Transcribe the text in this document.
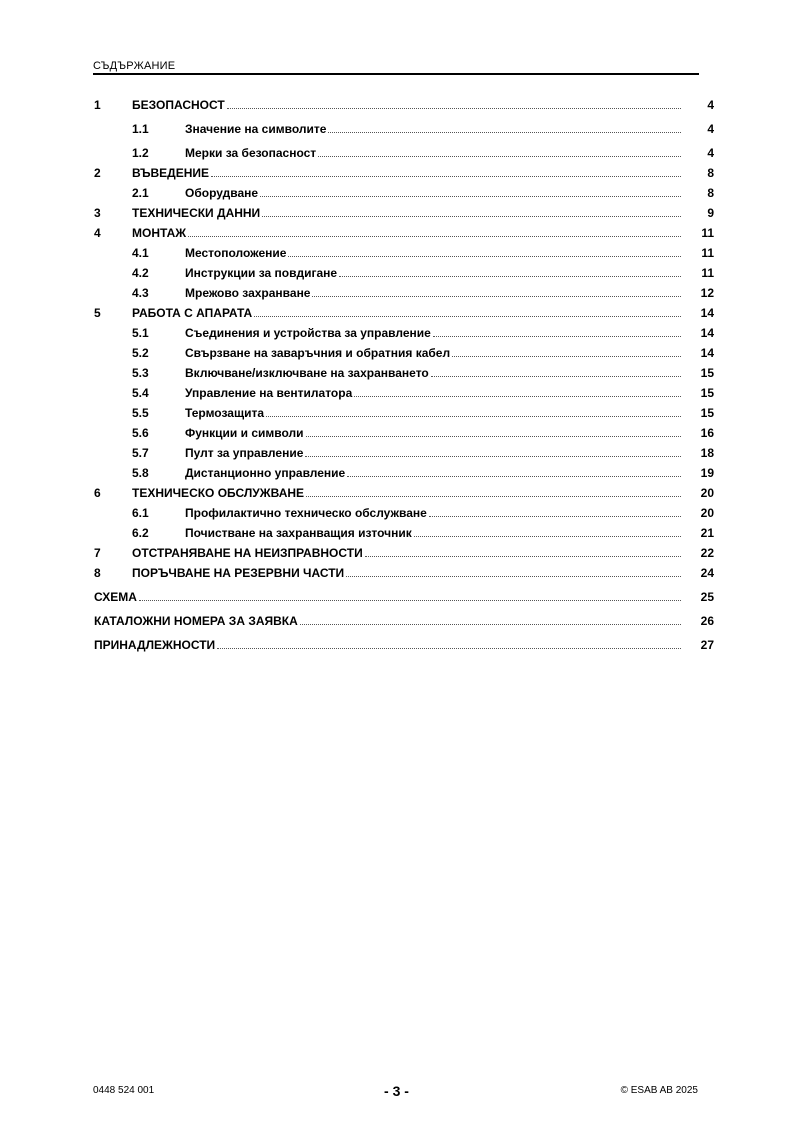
СЪДЪРЖАНИЕ
1	БЕЗОПАСНОСТ	4
1.1	Значение на символите	4
1.2	Мерки за безопасност	4
2	ВЪВЕДЕНИЕ	8
2.1	Оборудване	8
3	ТЕХНИЧЕСКИ ДАННИ	9
4	МОНТАЖ	11
4.1	Местоположение	11
4.2	Инструкции за повдигане	11
4.3	Мрежово захранване	12
5	РАБОТА С АПАРАТА	14
5.1	Съединения и устройства за управление	14
5.2	Свързване на заваръчния и обратния кабел	14
5.3	Включване/изключване на захранването	15
5.4	Управление на вентилатора	15
5.5	Термозащита	15
5.6	Функции и символи	16
5.7	Пулт за управление	18
5.8	Дистанционно управление	19
6	ТЕХНИЧЕСКО ОБСЛУЖВАНЕ	20
6.1	Профилактично техническо обслужване	20
6.2	Почистване на захранващия източник	21
7	ОТСТРАНЯВАНЕ НА НЕИЗПРАВНОСТИ	22
8	ПОРЪЧВАНЕ НА РЕЗЕРВНИ ЧАСТИ	24
СХЕМА	25
КАТАЛОЖНИ НОМЕРА ЗА ЗАЯВКА	26
ПРИНАДЛЕЖНОСТИ	27
0448 524 001	- 3 -	© ESAB AB 2025
